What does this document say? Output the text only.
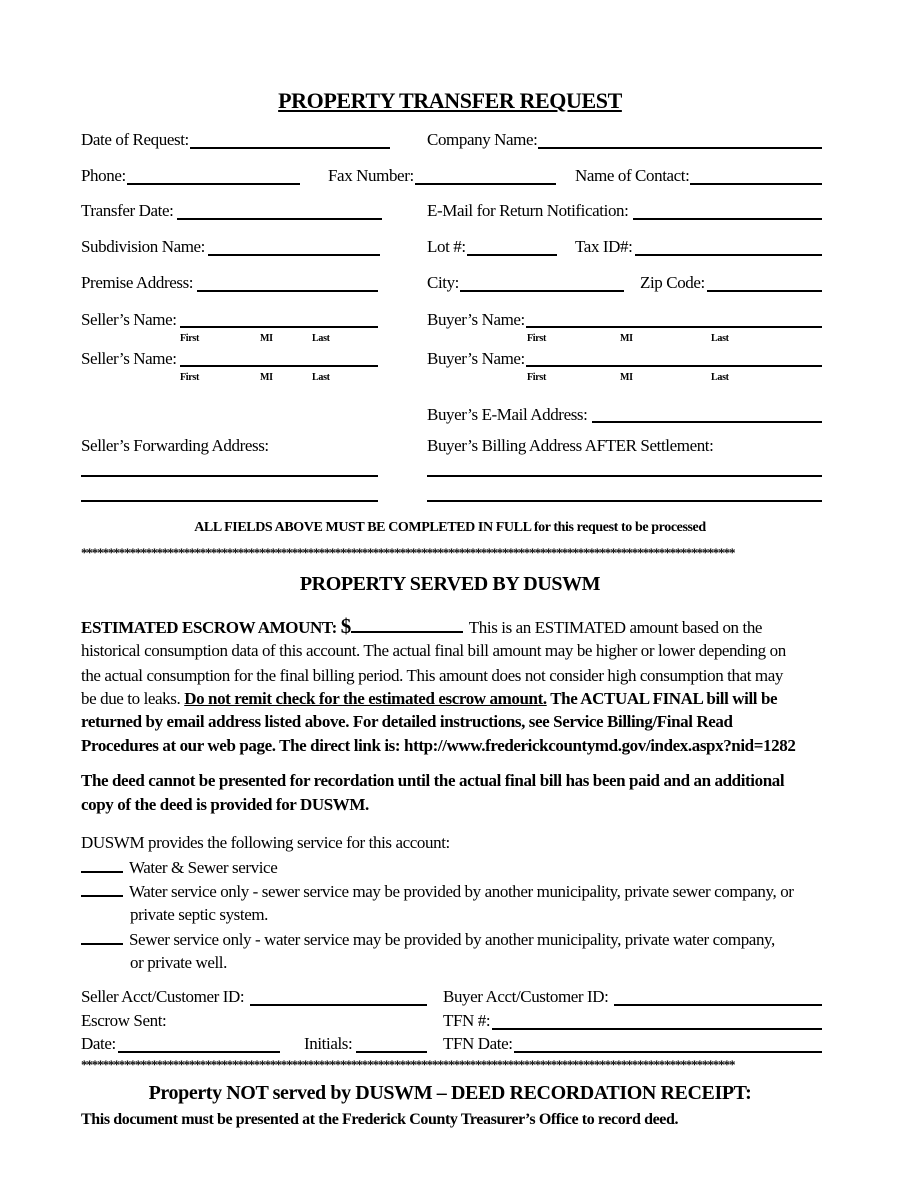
PROPERTY TRANSFER REQUEST
Date of Request:	Company Name:
Phone:	Fax Number:	Name of Contact:
Transfer Date:	E-Mail for Return Notification:
Subdivision Name:	Lot #:	Tax ID#:
Premise Address:	City:	Zip Code:
Seller’s Name:
First	MI	Last
Buyer’s Name:
First	MI	Last
Seller’s Name:
First	MI	Last
Buyer’s Name:
First	MI	Last
Buyer’s E-Mail Address:
Seller’s Forwarding Address:	Buyer’s Billing Address AFTER Settlement:
ALL FIELDS ABOVE MUST BE COMPLETED IN FULL for this request to be processed
*************************************************************************************************************************
PROPERTY SERVED BY DUSWM
ESTIMATED ESCROW AMOUNT: $	This is an ESTIMATED amount based on the
historical consumption data of this account. The actual final bill amount may be higher or lower depending on
the actual consumption for the final billing period. This amount does not consider high consumption that may
be due to leaks. Do not remit check for the estimated escrow amount. The ACTUAL FINAL bill will be
returned by email address listed above. For detailed instructions, see Service Billing/Final Read
Procedures at our web page. The direct link is: http://www.frederickcountymd.gov/index.aspx?nid=1282
The deed cannot be presented for recordation until the actual final bill has been paid and an additional
copy of the deed is provided for DUSWM.
DUSWM provides the following service for this account:
Water & Sewer service
Water service only - sewer service may be provided by another municipality, private sewer company, or
private septic system.
Sewer service only - water service may be provided by another municipality, private water company,
or private well.
Seller Acct/Customer ID:	Buyer Acct/Customer ID:
Escrow Sent:	TFN #:
Date:	Initials:	TFN Date:
*************************************************************************************************************************
Property NOT served by DUSWM – DEED RECORDATION RECEIPT:
This document must be presented at the Frederick County Treasurer’s Office to record deed.
